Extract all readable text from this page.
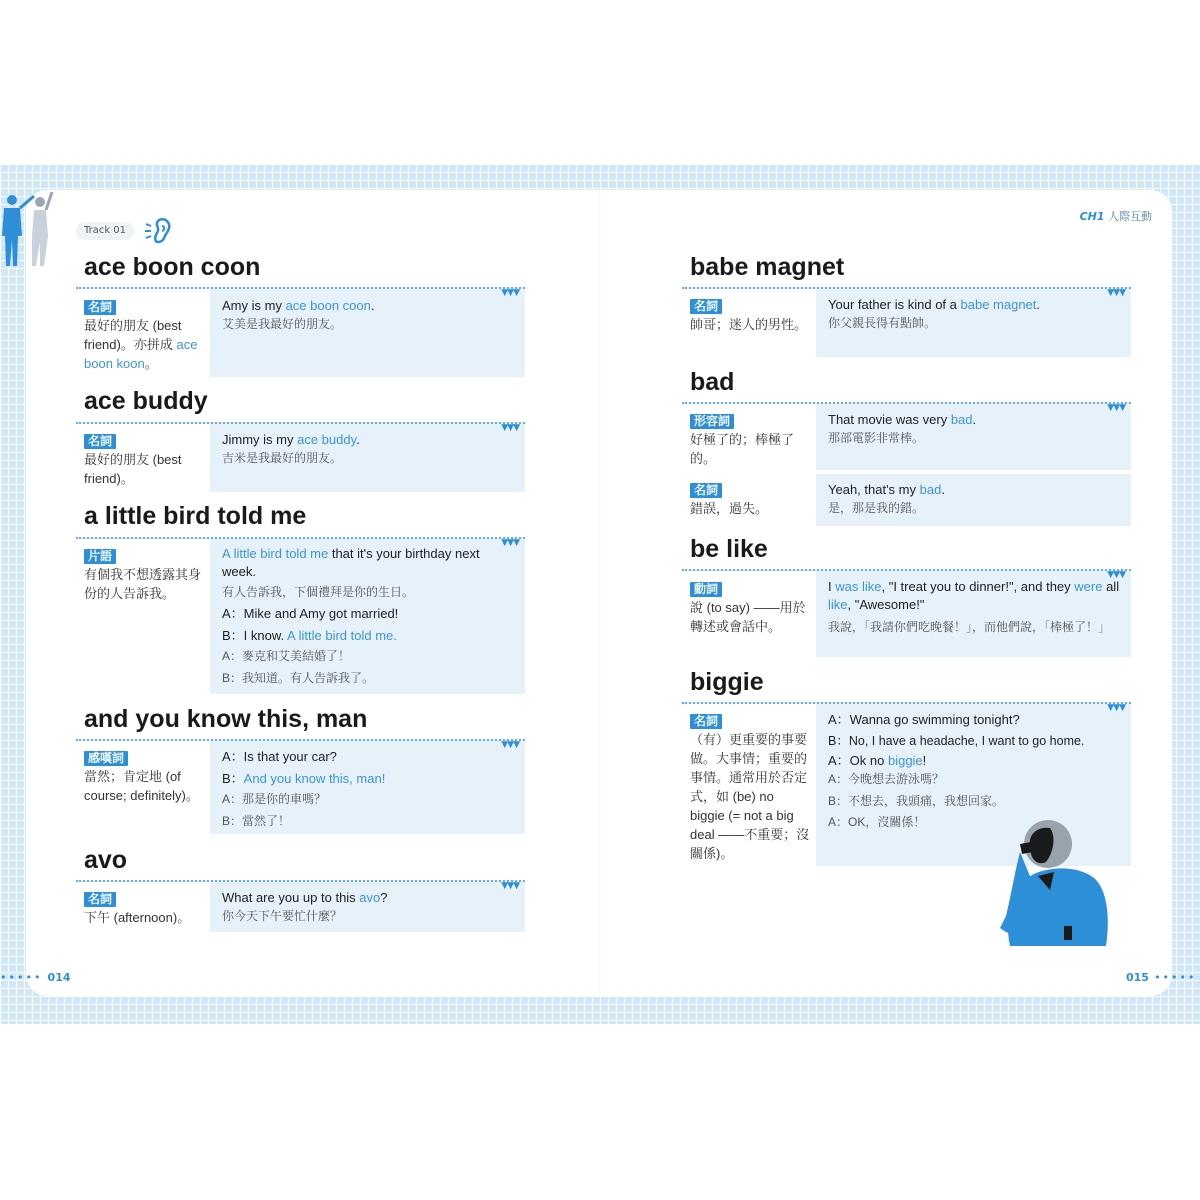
Track 01
CH1 人際互動
ace boon coon
▼▼▼
名詞
最好的朋友 (best friend)。亦拼成 ace boon koon。

Amy is my ace boon coon.

艾美是我最好的朋友。

ace buddy
▼▼▼
名詞
最好的朋友 (best friend)。

Jimmy is my ace buddy.

吉米是我最好的朋友。

a little bird told me
▼▼▼
片語
有個我不想透露其身份的人告訴我。

A little bird told me that it's your birthday next week.

有人告訴我，下個禮拜是你的生日。

A：Mike and Amy got married!

B：I know. A little bird told me.

A：麥克和艾美結婚了！

B：我知道。有人告訴我了。

and you know this, man
▼▼▼
感嘆詞
當然；肯定地 (of course; definitely)。

A：Is that your car?

B：And you know this, man!

A：那是你的車嗎？

B：當然了！

avo
▼▼▼
名詞
下午 (afternoon)。

What are you up to this avo?

你今天下午要忙什麼？

babe magnet
▼▼▼
名詞
帥哥；迷人的男性。

Your father is kind of a babe magnet.

你父親長得有點帥。

bad
▼▼▼
形容詞
好極了的；棒極了的。

That movie was very bad.

那部電影非常棒。

名詞
錯誤，過失。

Yeah, that's my bad.

是，那是我的錯。

be like
▼▼▼
動詞
說 (to say) ——用於轉述或會話中。

I was like, "I treat you to dinner!", and they were all like, "Awesome!"

我說，「我請你們吃晚餐！」，而他們說，「棒極了！」

biggie
▼▼▼
名詞
（有）更重要的事要做。大事情；重要的事情。通常用於否定式，如 (be) no biggie (= not a big deal ——不重要；沒關係)。

A：Wanna go swimming tonight?

B：No, I have a headache, I want to go home.

A：Ok no biggie!

A：今晚想去游泳嗎？

B：不想去，我頭痛，我想回家。

A：OK，沒關係！

••••• 014	015 •••••
